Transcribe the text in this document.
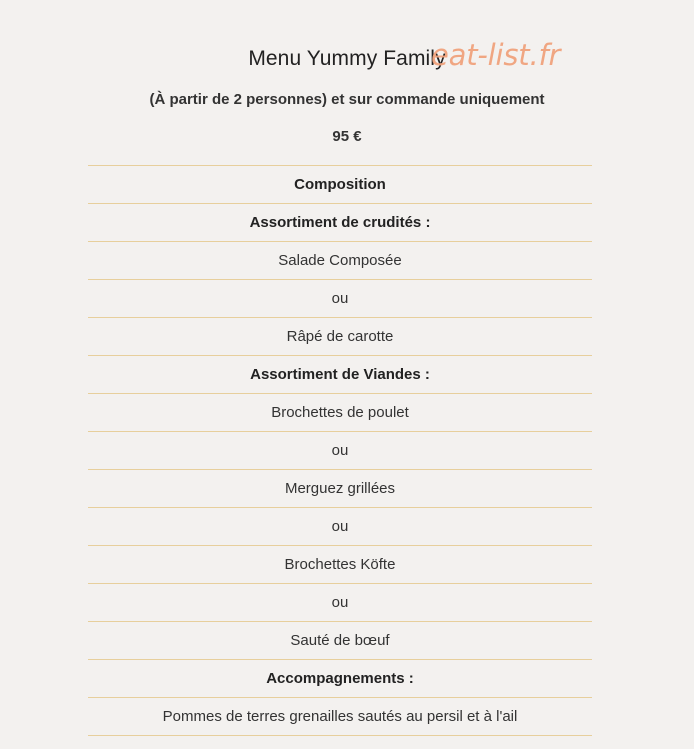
Menu Yummy Family
eat-list.fr
(À partir de 2 personnes) et sur commande uniquement
95 €
Composition
Assortiment de crudités :
Salade Composée
ou
Râpé de carotte
Assortiment de Viandes :
Brochettes de poulet
ou
Merguez grillées
ou
Brochettes Köfte
ou
Sauté de bœuf
Accompagnements :
Pommes de terres grenailles sautés au persil et à l'ail
